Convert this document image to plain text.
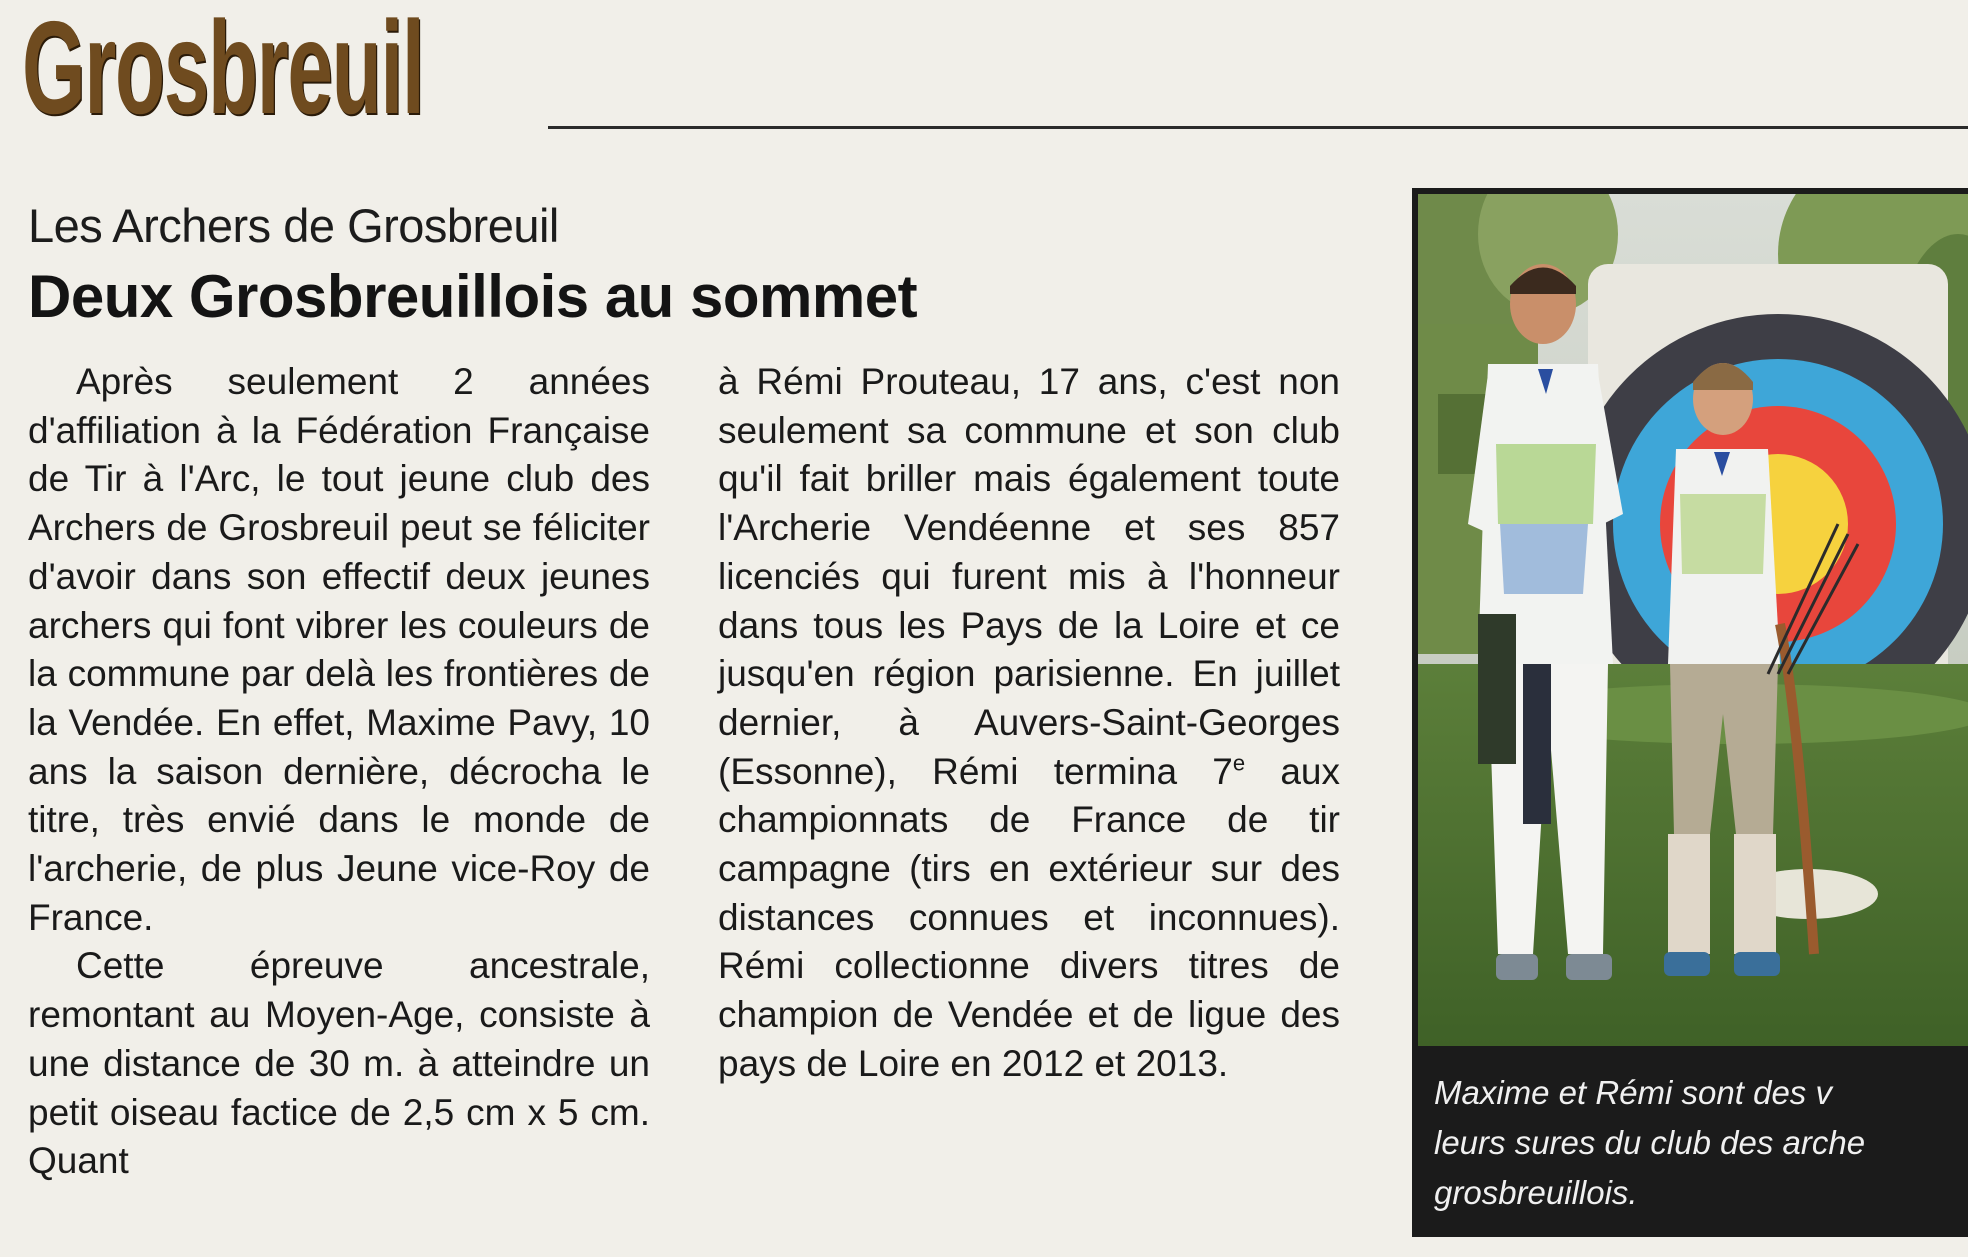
Grosbreuil
Les Archers de Grosbreuil
Deux Grosbreuillois au sommet

Après seulement 2 années d'affiliation à la Fédération Française de Tir à l'Arc, le tout jeune club des Archers de Grosbreuil peut se féliciter d'avoir dans son effectif deux jeunes archers qui font vibrer les couleurs de la commune par delà les frontières de la Vendée. En effet, Maxime Pavy, 10 ans la saison dernière, décrocha le titre, très envié dans le monde de l'archerie, de plus Jeune vice-Roy de France.

Cette épreuve ancestrale, remontant au Moyen-Age, consiste à une distance de 30 m. à atteindre un petit oiseau factice de 2,5 cm x 5 cm. Quant

à Rémi Prouteau, 17 ans, c'est non seulement sa commune et son club qu'il fait briller mais également toute l'Archerie Vendéenne et ses 857 licenciés qui furent mis à l'honneur dans tous les Pays de la Loire et ce jusqu'en région parisienne. En juillet dernier, à Auvers-Saint-Georges (Essonne), Rémi termina 7e aux championnats de France de tir campagne (tirs en extérieur sur des distances connues et inconnues). Rémi collectionne divers titres de champion de Vendée et de ligue des pays de Loire en 2012 et 2013.

Maxime et Rémi sont des v
leurs sures du club des arche
grosbreuillois.
